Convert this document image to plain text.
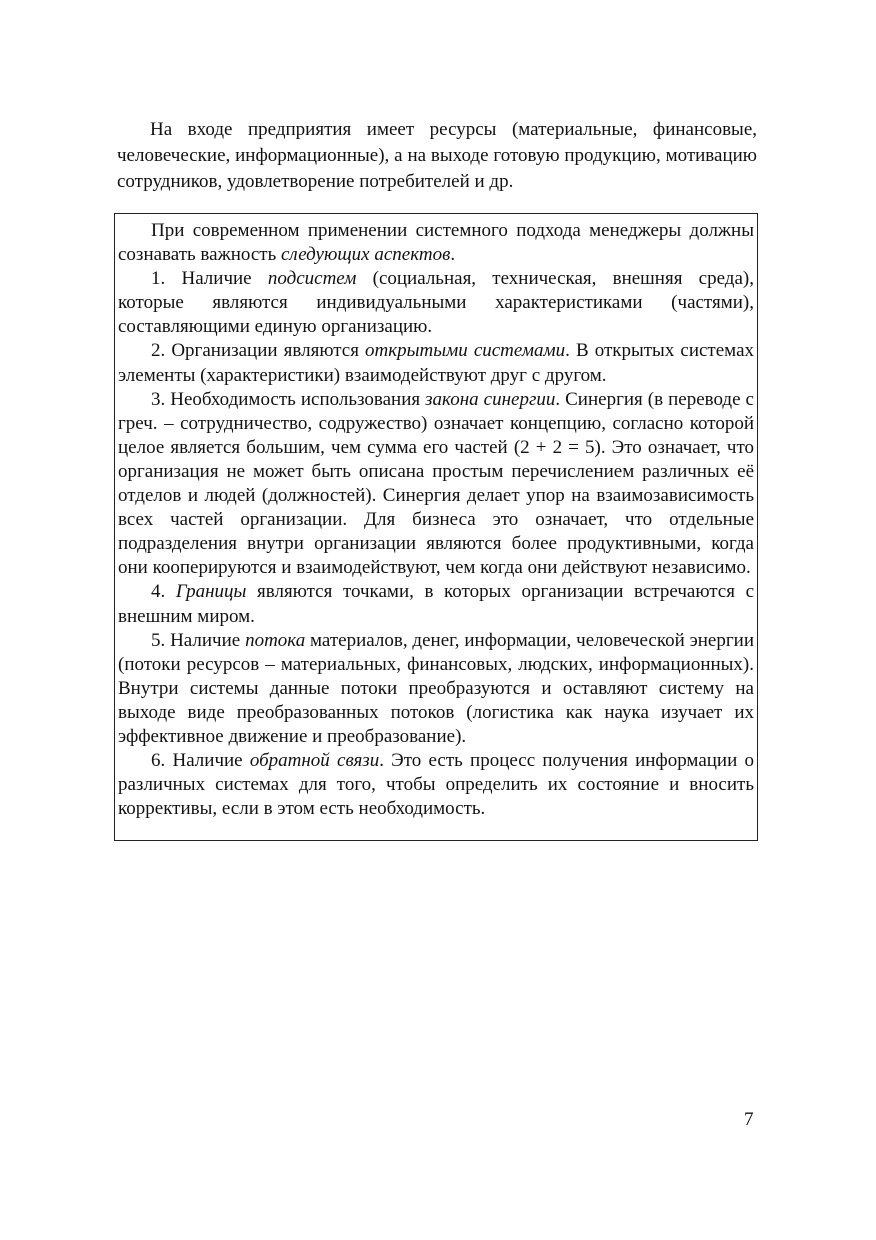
На входе предприятия имеет ресурсы (материальные, финансовые, человеческие, информационные), а на выходе готовую продукцию, мотивацию сотрудников, удовлетворение потребителей и др.

При современном применении системного подхода менеджеры должны сознавать важность следующих аспектов.

1. Наличие подсистем (социальная, техническая, внешняя среда), которые являются индивидуальными характеристиками (частями), составляющими единую организацию.

2. Организации являются открытыми системами. В открытых системах элементы (характеристики) взаимодействуют друг с другом.

3. Необходимость использования закона синергии. Синергия (в переводе с греч. – сотрудничество, содружество) означает концепцию, согласно которой целое является большим, чем сумма его частей (2 + 2 = 5). Это означает, что организация не может быть описана простым перечислением различных её отделов и людей (должностей). Синергия делает упор на взаимозависимость всех частей организации. Для бизнеса это означает, что отдельные подразделения внутри организации являются более продуктивными, когда они кооперируются и взаимодействуют, чем когда они действуют независимо.

4. Границы являются точками, в которых организации встречаются с внешним миром.

5. Наличие потока материалов, денег, информации, человеческой энергии (потоки ресурсов – материальных, финансовых, людских, информационных). Внутри системы данные потоки преобразуются и оставляют систему на выходе виде преобразованных потоков (логистика как наука изучает их эффективное движение и преобразование).

6. Наличие обратной связи. Это есть процесс получения информации о различных системах для того, чтобы определить их состояние и вносить коррективы, если в этом есть необходимость.

7
